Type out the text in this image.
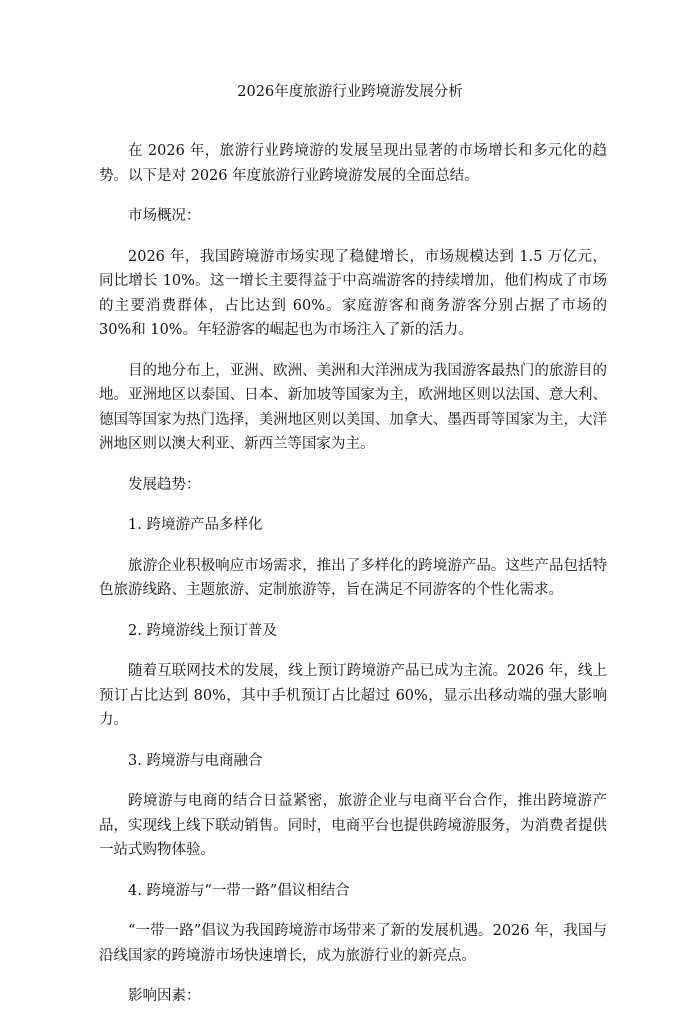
2026年度旅游行业跨境游发展分析

在 2026 年，旅游行业跨境游的发展呈现出显著的市场增长和多元化的趋势。以下是对 2026 年度旅游行业跨境游发展的全面总结。

市场概况：

2026 年，我国跨境游市场实现了稳健增长，市场规模达到 1.5 万亿元，同比增长 10%。这一增长主要得益于中高端游客的持续增加，他们构成了市场的主要消费群体，占比达到 60%。家庭游客和商务游客分别占据了市场的 30%和 10%。年轻游客的崛起也为市场注入了新的活力。

目的地分布上，亚洲、欧洲、美洲和大洋洲成为我国游客最热门的旅游目的地。亚洲地区以泰国、日本、新加坡等国家为主，欧洲地区则以法国、意大利、德国等国家为热门选择，美洲地区则以美国、加拿大、墨西哥等国家为主，大洋洲地区则以澳大利亚、新西兰等国家为主。

发展趋势：

1. 跨境游产品多样化

旅游企业积极响应市场需求，推出了多样化的跨境游产品。这些产品包括特色旅游线路、主题旅游、定制旅游等，旨在满足不同游客的个性化需求。

2. 跨境游线上预订普及

随着互联网技术的发展，线上预订跨境游产品已成为主流。2026 年，线上预订占比达到 80%，其中手机预订占比超过 60%，显示出移动端的强大影响力。

3. 跨境游与电商融合

跨境游与电商的结合日益紧密，旅游企业与电商平台合作，推出跨境游产品，实现线上线下联动销售。同时，电商平台也提供跨境游服务，为消费者提供一站式购物体验。

4. 跨境游与“一带一路”倡议相结合

“一带一路”倡议为我国跨境游市场带来了新的发展机遇。2026 年，我国与沿线国家的跨境游市场快速增长，成为旅游行业的新亮点。

影响因素：
